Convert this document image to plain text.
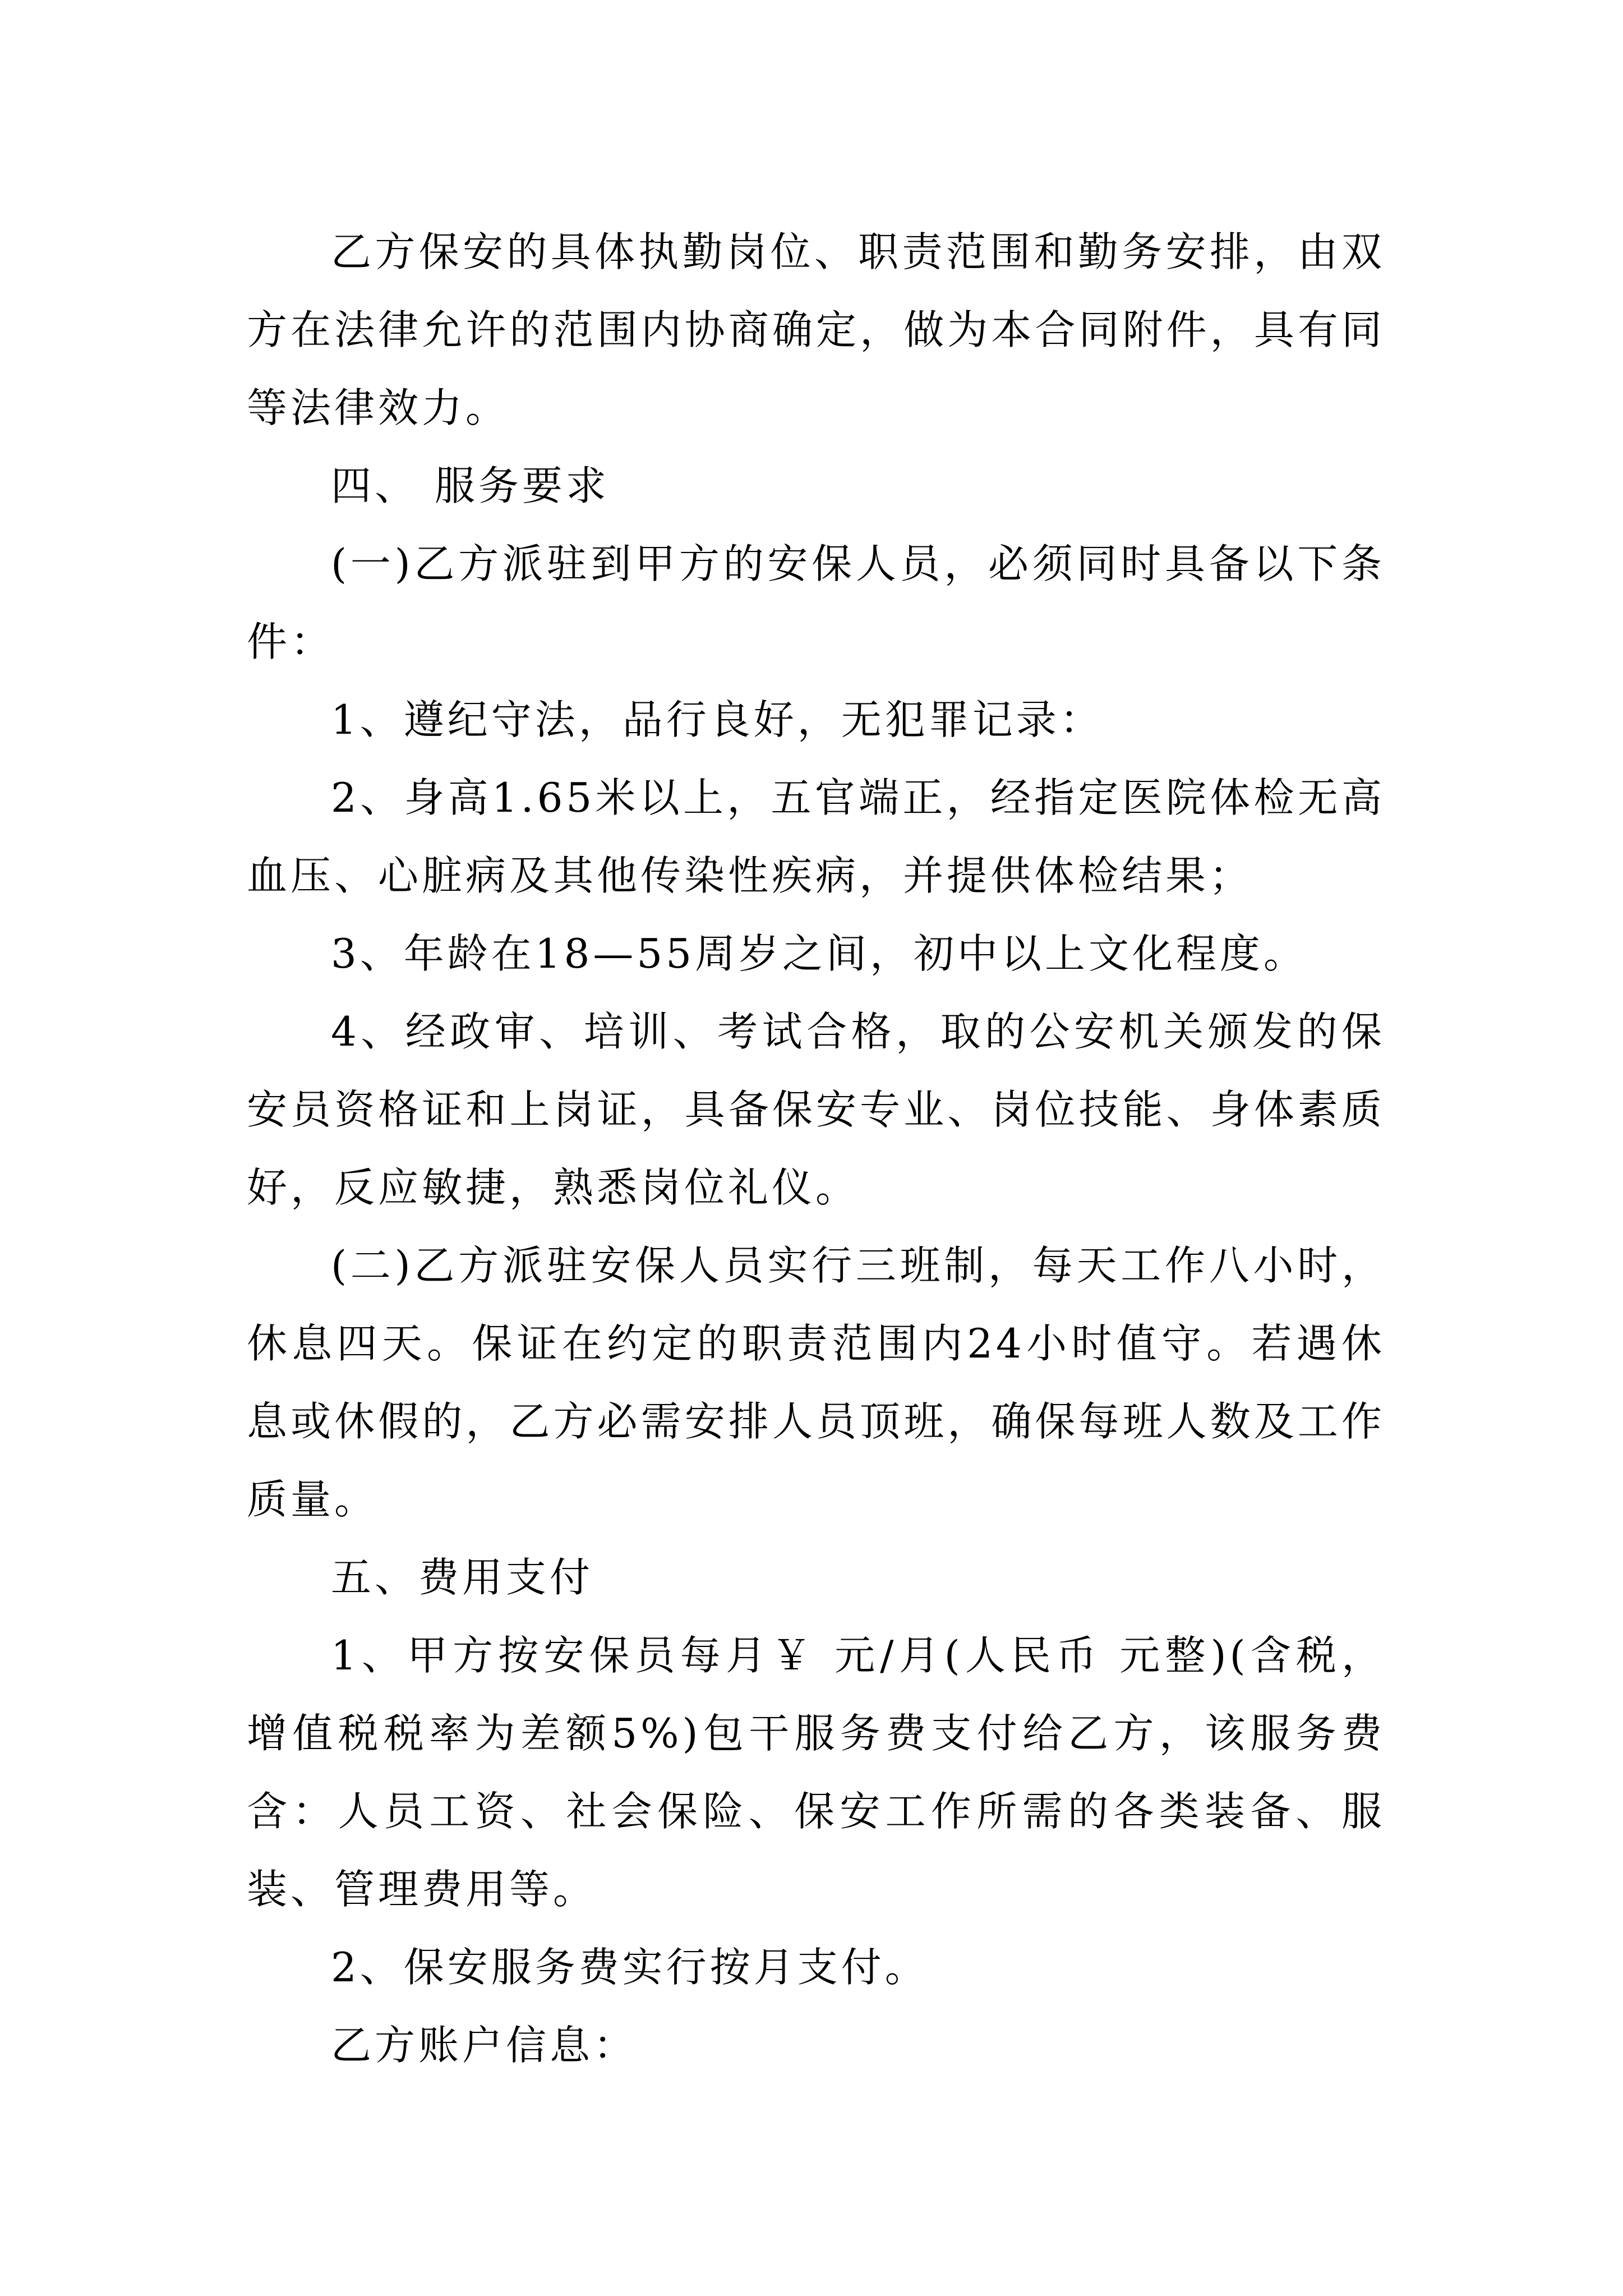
乙方保安的具体执勤岗位、职责范围和勤务安排，由双方在法律允许的范围内协商确定，做为本合同附件，具有同等法律效力。

四、 服务要求

(一)乙方派驻到甲方的安保人员，必须同时具备以下条件：

1、遵纪守法，品行良好，无犯罪记录：

2、身高1.65米以上，五官端正，经指定医院体检无高血压、心脏病及其他传染性疾病，并提供体检结果；

3、年龄在18—55周岁之间，初中以上文化程度。

4、经政审、培训、考试合格，取的公安机关颁发的保安员资格证和上岗证，具备保安专业、岗位技能、身体素质好，反应敏捷，熟悉岗位礼仪。

(二)乙方派驻安保人员实行三班制，每天工作八小时，休息四天。保证在约定的职责范围内24小时值守。若遇休息或休假的，乙方必需安排人员顶班，确保每班人数及工作质量。

五、费用支付

1、甲方按安保员每月￥ 元/月(人民币 元整)(含税，增值税税率为差额5%)包干服务费支付给乙方，该服务费含：人员工资、社会保险、保安工作所需的各类装备、服装、管理费用等。

2、保安服务费实行按月支付。

乙方账户信息：
